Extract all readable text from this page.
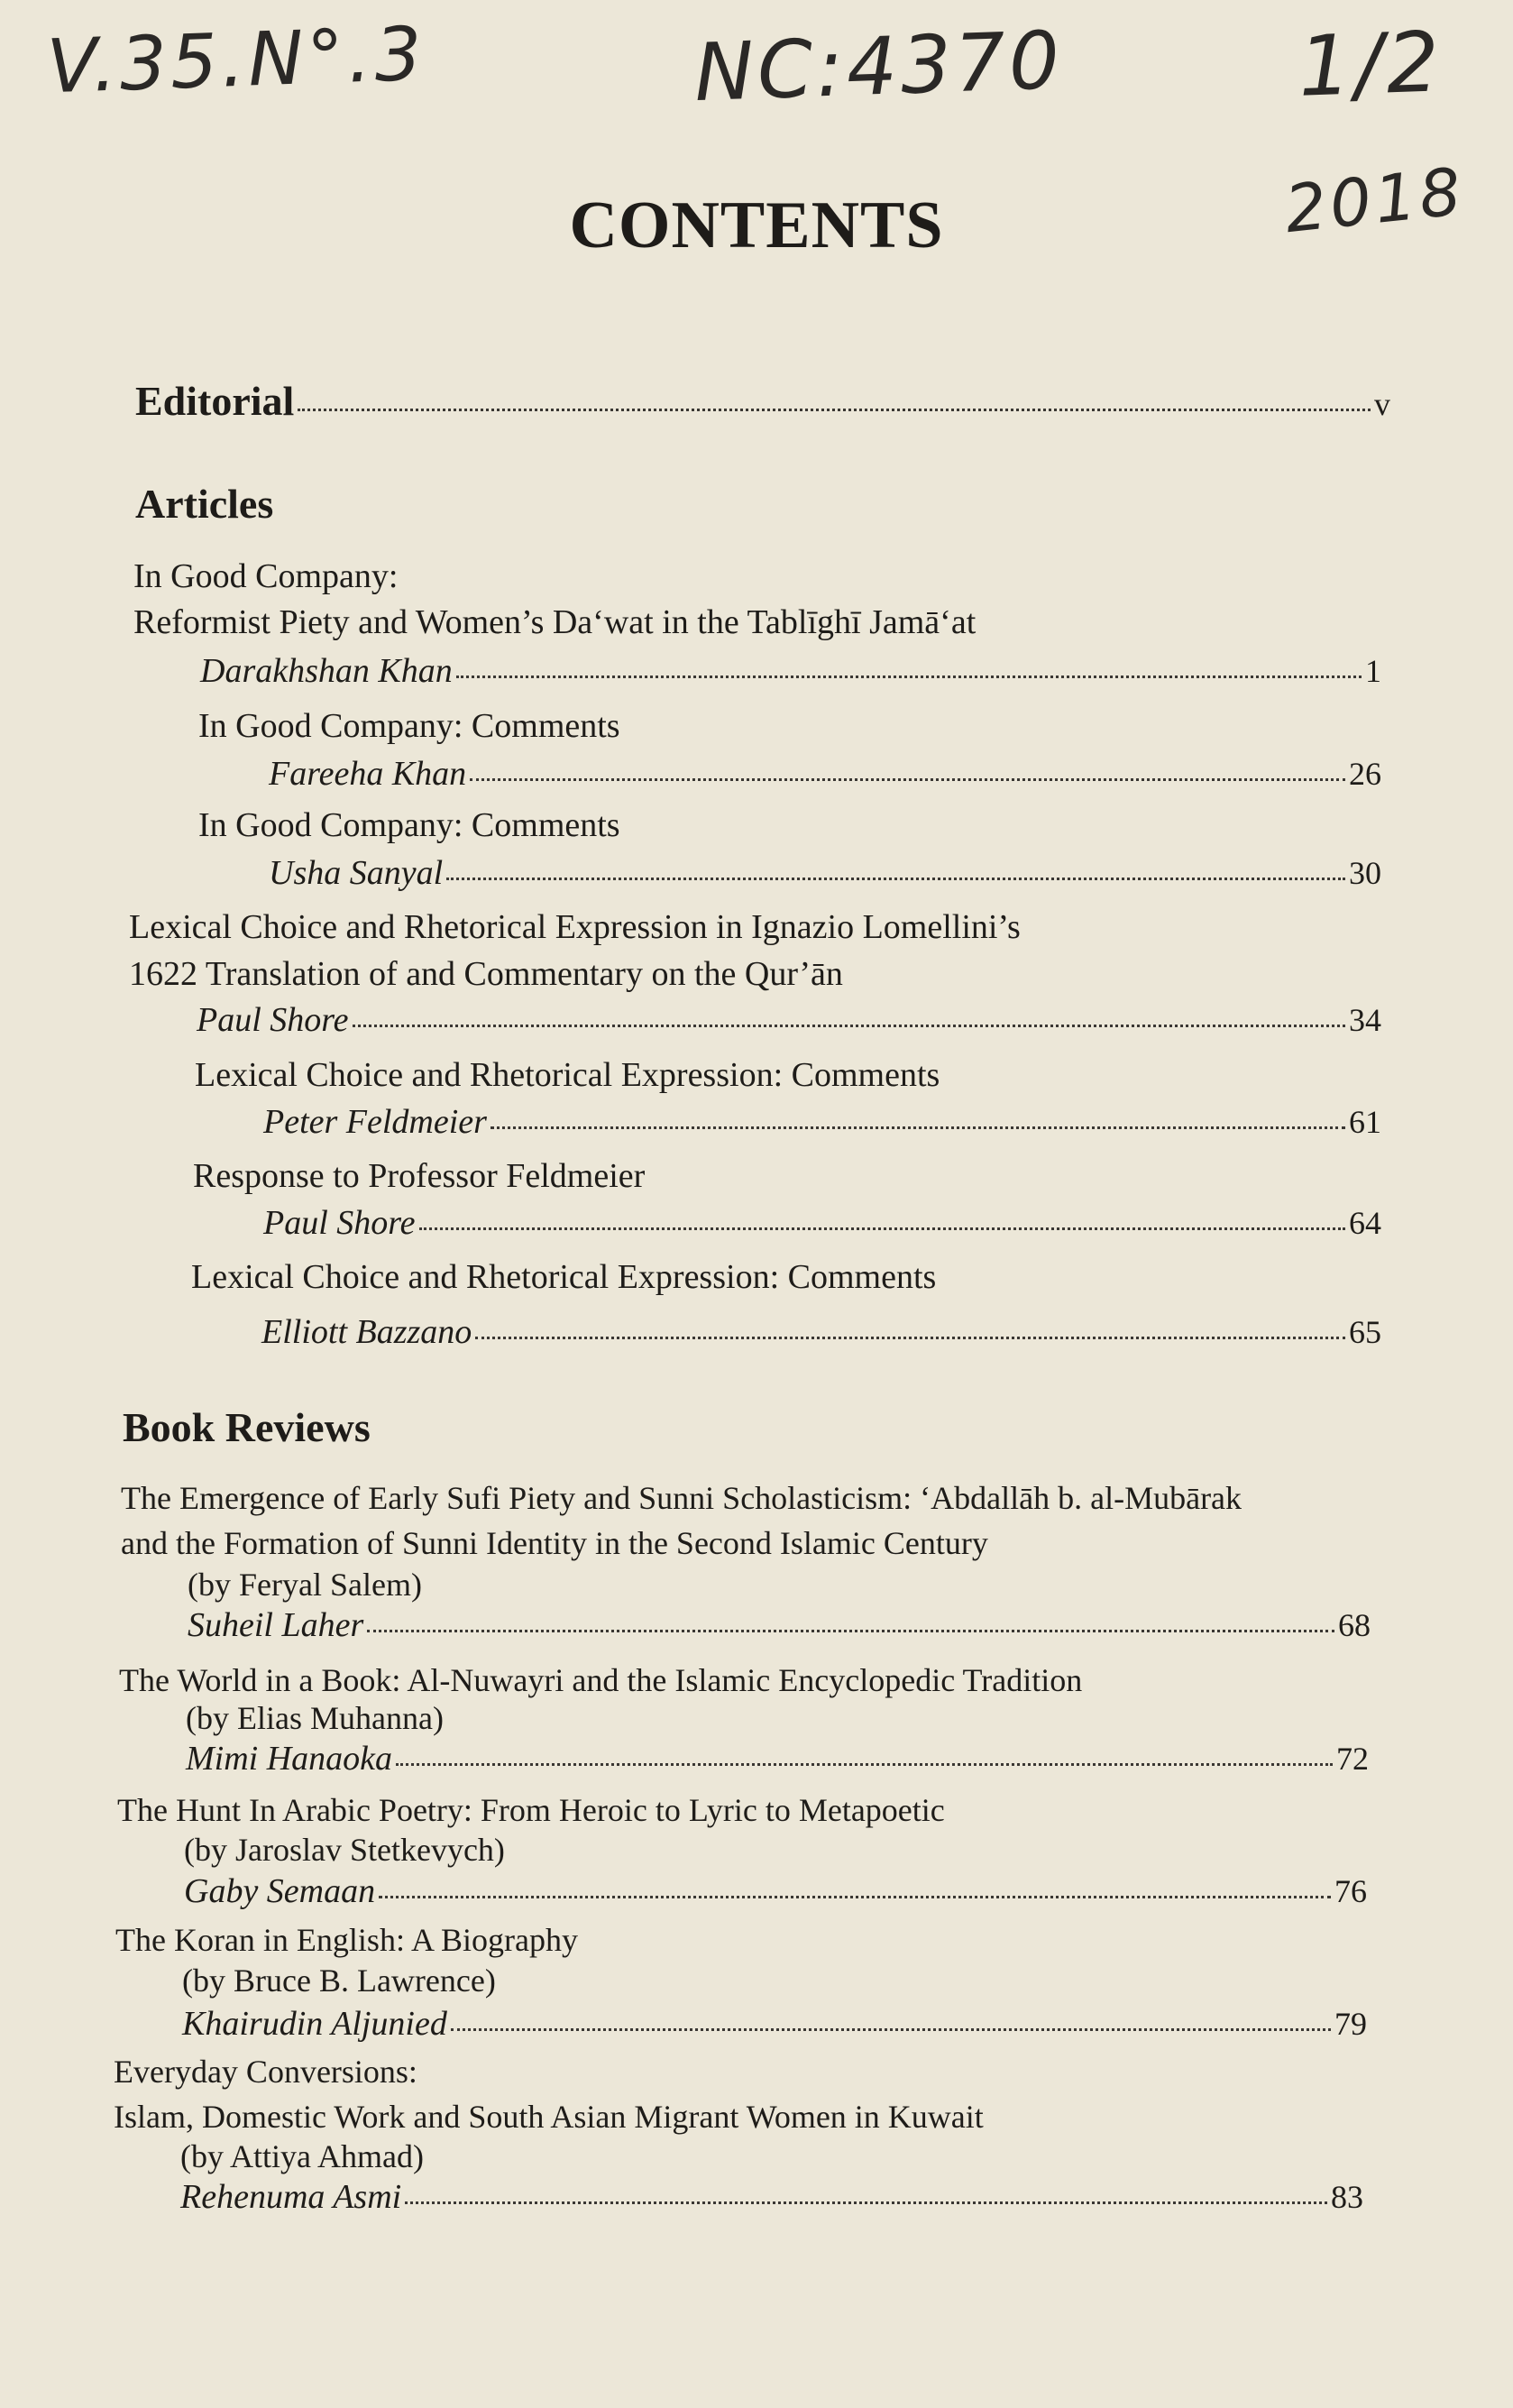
V.35.N°.3	NC:4370	1/2
2018
CONTENTS
Editorial	v
Articles
In Good Company:
Reformist Piety and Women’s Da‘wat in the Tablīghī Jamā‘at
Darakhshan Khan	1
In Good Company: Comments
Fareeha Khan	26
In Good Company: Comments
Usha Sanyal	30
Lexical Choice and Rhetorical Expression in Ignazio Lomellini’s
1622 Translation of and Commentary on the Qur’ān
Paul Shore	34
Lexical Choice and Rhetorical Expression: Comments
Peter Feldmeier	61
Response to Professor Feldmeier
Paul Shore	64
Lexical Choice and Rhetorical Expression: Comments
Elliott Bazzano	65
Book Reviews
The Emergence of Early Sufi Piety and Sunni Scholasticism: ‘Abdallāh b. al-Mubārak
and the Formation of Sunni Identity in the Second Islamic Century
(by Feryal Salem)
Suheil Laher	68
The World in a Book: Al-Nuwayri and the Islamic Encyclopedic Tradition
(by Elias Muhanna)
Mimi Hanaoka	72
The Hunt In Arabic Poetry: From Heroic to Lyric to Metapoetic
(by Jaroslav Stetkevych)
Gaby Semaan	76
The Koran in English: A Biography
(by Bruce B. Lawrence)
Khairudin Aljunied	79
Everyday Conversions:
Islam, Domestic Work and South Asian Migrant Women in Kuwait
(by Attiya Ahmad)
Rehenuma Asmi	83
